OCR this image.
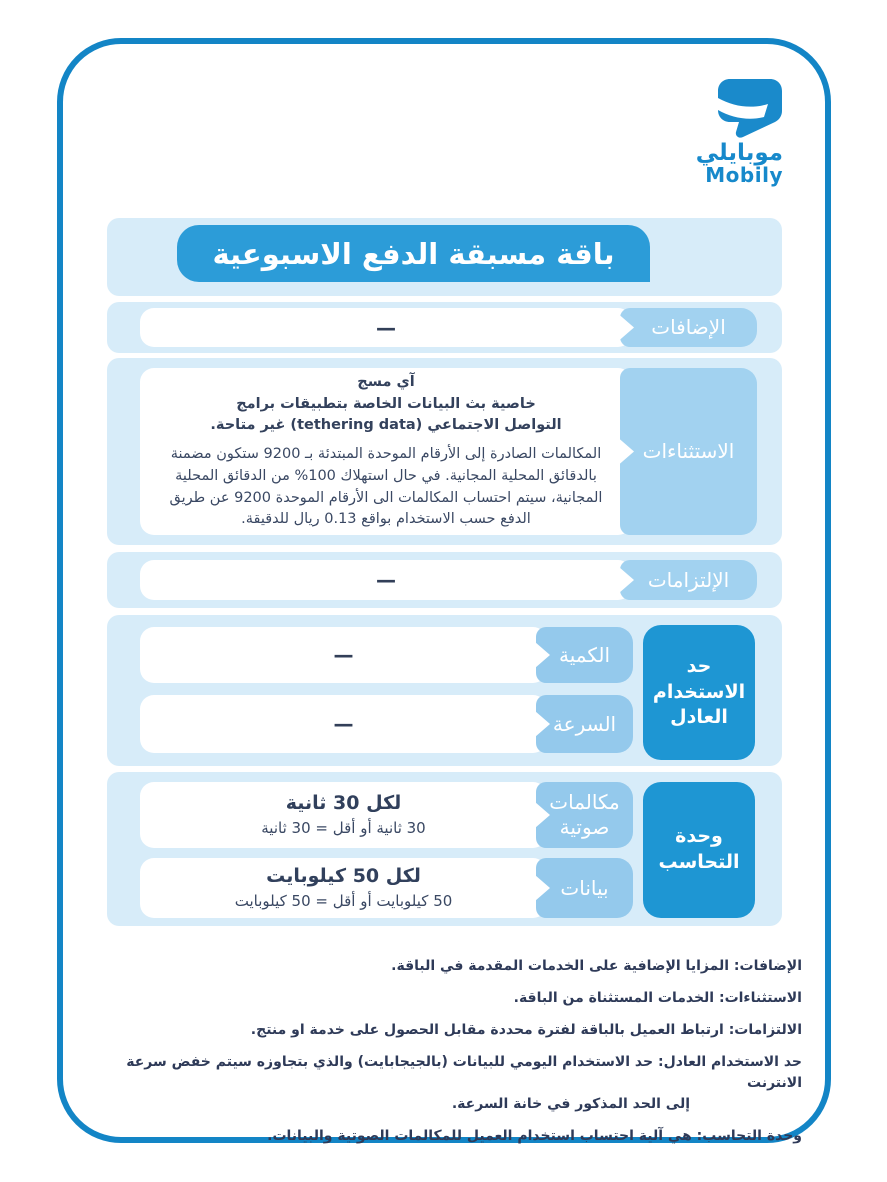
موبايلي
Mobily
باقة مسبقة الدفع الاسبوعية
—	الإضافات
آي مسج
خاصية بث البيانات الخاصة بتطبيقات برامج
التواصل الاجتماعي (tethering data) غير متاحة.
المكالمات الصادرة إلى الأرقام الموحدة المبتدئة بـ 9200 ستكون مضمنة بالدقائق المحلية المجانية. في حال استهلاك 100% من الدقائق المحلية المجانية، سيتم احتساب المكالمات الى الأرقام الموحدة 9200 عن طريق الدفع حسب الاستخدام بواقع 0.13 ريال للدقيقة.
الاستثناءات
—	الإلتزامات
—	الكمية
—	السرعة
حد الاستخدام العادل
لكل 30 ثانية
30 ثانية أو أقل = 30 ثانية
مكالمات صوتية
لكل 50 كيلوبايت
50 كيلوبايت أو أقل = 50 كيلوبايت
بيانات
وحدة التحاسب
الإضافات: المزايا الإضافية على الخدمات المقدمة في الباقة.
الاستثناءات: الخدمات المستثناة من الباقة.
الالتزامات: ارتباط العميل بالباقة لفترة محددة مقابل الحصول على خدمة او منتج.
حد الاستخدام العادل: حد الاستخدام اليومي للبيانات (بالجيجابايت) والذي بتجاوزه سيتم خفض سرعة الانترنت
إلى الحد المذكور في خانة السرعة.
وحدة التحاسب: هي آلية احتساب استخدام العميل للمكالمات الصوتية والبيانات.
